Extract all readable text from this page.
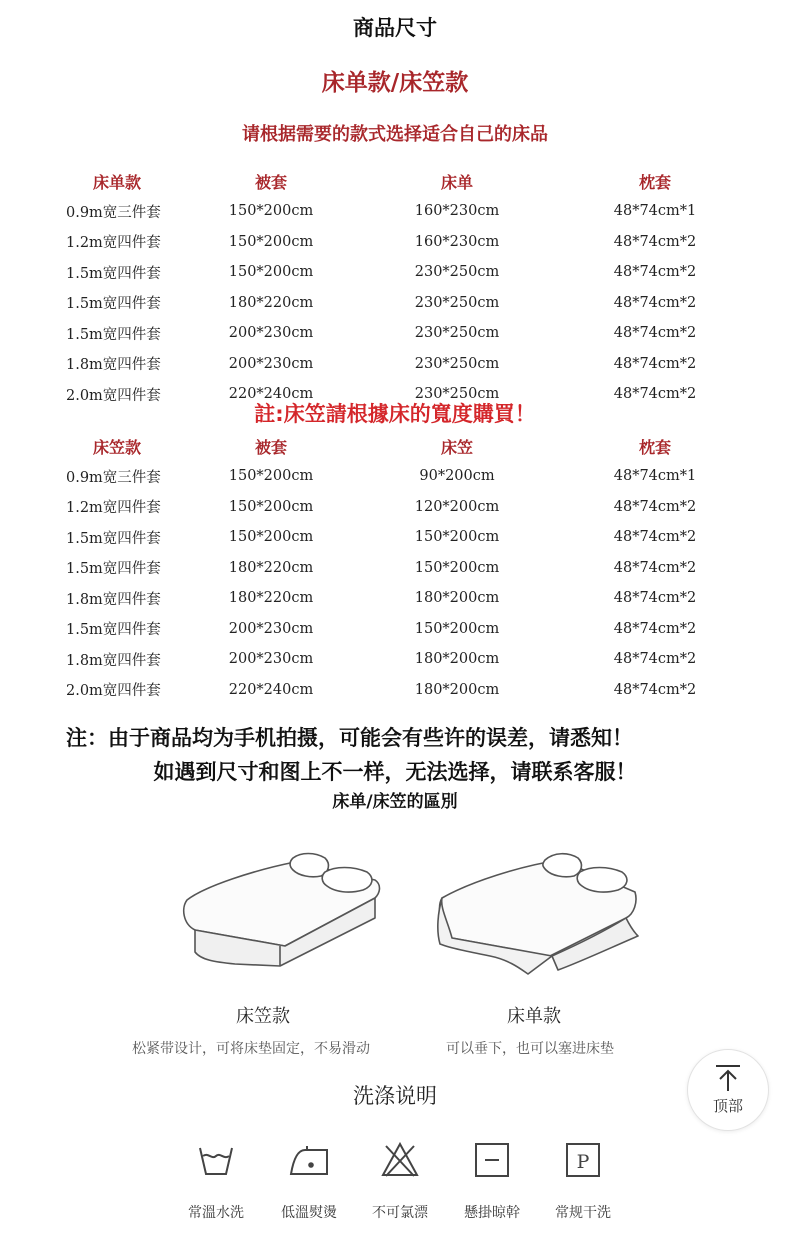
商品尺寸
床单款/床笠款
请根据需要的款式选择适合自己的床品
床单款	被套	床单	枕套
0.9m宽三件套	150*200cm	160*230cm	48*74cm*1
1.2m宽四件套	150*200cm	160*230cm	48*74cm*2
1.5m宽四件套	150*200cm	230*250cm	48*74cm*2
1.5m宽四件套	180*220cm	230*250cm	48*74cm*2
1.5m宽四件套	200*230cm	230*250cm	48*74cm*2
1.8m宽四件套	200*230cm	230*250cm	48*74cm*2
2.0m宽四件套	220*240cm	230*250cm	48*74cm*2
註:床笠請根據床的寬度購買！
床笠款	被套	床笠	枕套
0.9m宽三件套	150*200cm	90*200cm	48*74cm*1
1.2m宽四件套	150*200cm	120*200cm	48*74cm*2
1.5m宽四件套	150*200cm	150*200cm	48*74cm*2
1.5m宽四件套	180*220cm	150*200cm	48*74cm*2
1.8m宽四件套	180*220cm	180*200cm	48*74cm*2
1.5m宽四件套	200*230cm	150*200cm	48*74cm*2
1.8m宽四件套	200*230cm	180*200cm	48*74cm*2
2.0m宽四件套	220*240cm	180*200cm	48*74cm*2
注：由于商品均为手机拍摄，可能会有些许的误差，请悉知！
如遇到尺寸和图上不一样，无法选择，请联系客服！
床单/床笠的區別
床笠款
松紧带设计，可将床垫固定，不易滑动
床单款
可以垂下，也可以塞进床垫
洗涤说明
常溫水洗	低溫熨燙	不可氯漂	懸掛晾幹
P
常规干洗
顶部
